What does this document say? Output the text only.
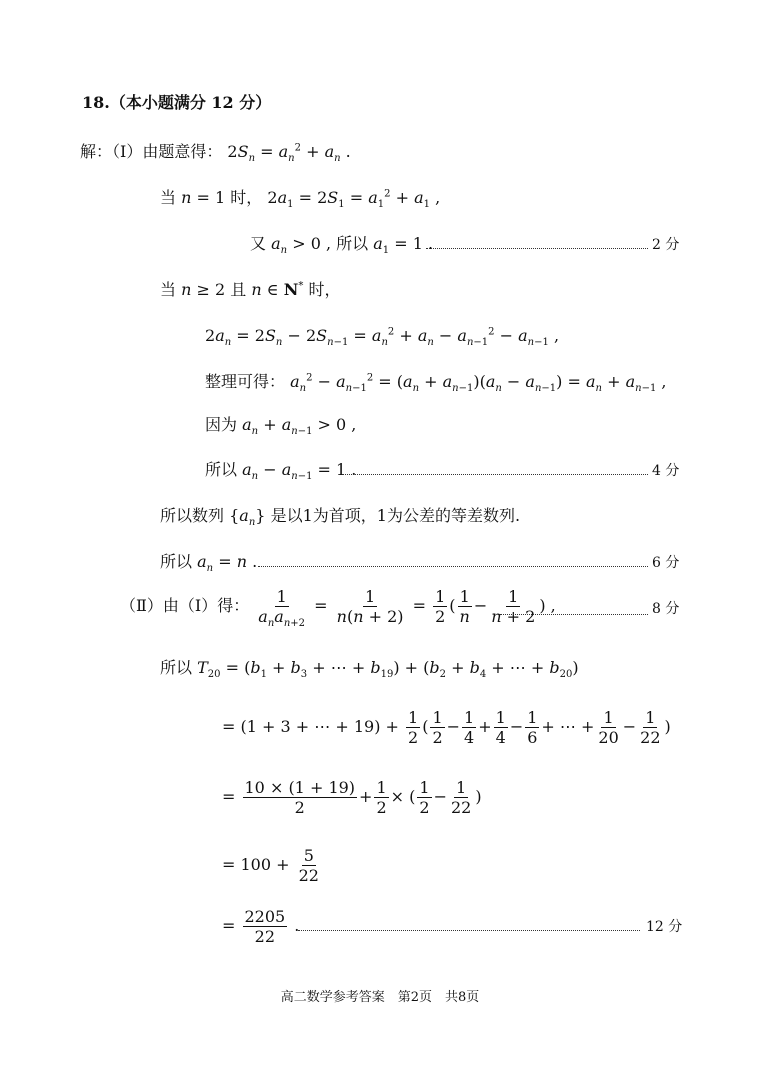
18.（本小题满分 12 分）
解：（Ⅰ）由题意得： $2S_n = a_n^2 + a_n$ .
当 n = 1 时， $2a_1 = 2S_1 = a_1^2 + a_1$ ,
又 $a_n > 0$ , 所以 $a_1 = 1$ .	2 分
当 n ≥ 2 且 n ∈ N* 时，
$2a_n = 2S_n - 2S_{n-1} = a_n^2 + a_n - a_{n-1}^2 - a_{n-1}$ ,
整理可得： $a_n^2 - a_{n-1}^2 = (a_n + a_{n-1})(a_n - a_{n-1}) = a_n + a_{n-1}$ ,
因为 $a_n + a_{n-1} > 0$ ,
所以 $a_n - a_{n-1} = 1$ .	4 分
所以数列 $\{a_n\}$ 是以1为首项，1为公差的等差数列.
所以 $a_n = n$ .	6 分
（Ⅱ）由（Ⅰ）得： $\frac{1}{a_na_{n+2}} = \frac{1}{n(n + 2)} = \frac{1}{2}$ ( $\frac{1}{n} - \frac{1}{n + 2}$ ) ,	8 分
所以 $T_{20} = (b_1 + b_3$ + ⋯ + $b_{19}) + (b_2 + b_4$ + ⋯ + $b_{20}$)
= (1 + 3 + ⋯ + $19) + \frac{1}{2}$ ( $\frac{1}{2} - \frac{1}{4} + \frac{1}{4} - \frac{1}{6}$ + ⋯ + $\frac{1}{20} - \frac{1}{22}$ )
= $\frac{10 \times (1 + 19)}{2} + \frac{1}{2}$ × ( $\frac{1}{2} - \frac{1}{22}$ )
= $100 + \frac{5}{22}$
= $\frac{2205}{22}$ .	12 分
高二数学参考答案　第2页　共8页
